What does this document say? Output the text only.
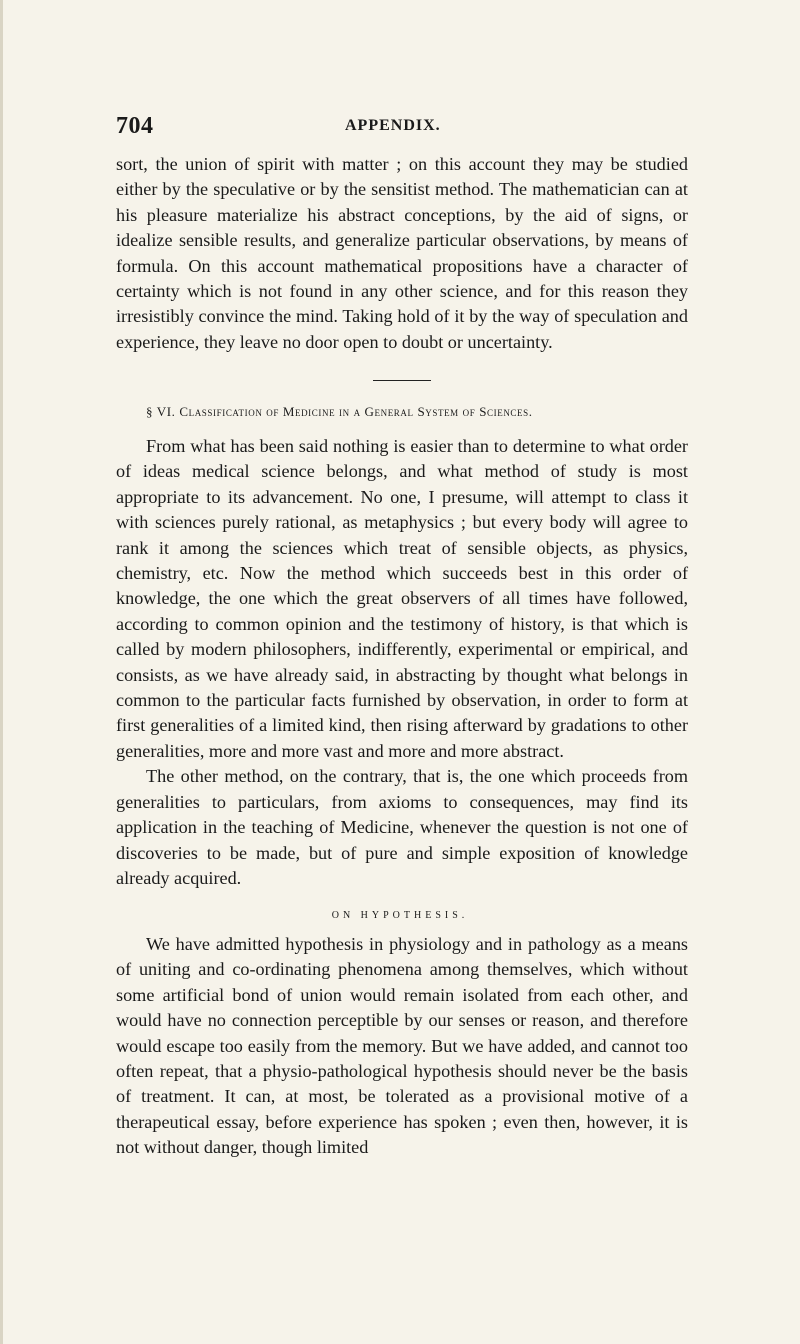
704	APPENDIX.

sort, the union of spirit with matter ; on this account they may be studied either by the speculative or by the sensitist method. The mathematician can at his pleasure materialize his abstract conceptions, by the aid of signs, or idealize sensible results, and generalize particular observations, by means of formula. On this account mathematical propositions have a character of certainty which is not found in any other science, and for this reason they irresistibly convince the mind. Taking hold of it by the way of speculation and experience, they leave no door open to doubt or uncertainty.

§ VI. Classification of Medicine in a General System of Sciences.

From what has been said nothing is easier than to determine to what order of ideas medical science belongs, and what method of study is most appropriate to its advancement. No one, I presume, will attempt to class it with sciences purely rational, as metaphysics ; but every body will agree to rank it among the sciences which treat of sensible objects, as physics, chemistry, etc. Now the method which succeeds best in this order of knowledge, the one which the great observers of all times have followed, according to common opinion and the testimony of history, is that which is called by modern philosophers, indifferently, experimental or empirical, and consists, as we have already said, in abstracting by thought what belongs in common to the particular facts furnished by observation, in order to form at first generalities of a limited kind, then rising afterward by gradations to other generalities, more and more vast and more and more abstract.

The other method, on the contrary, that is, the one which proceeds from generalities to particulars, from axioms to consequences, may find its application in the teaching of Medicine, whenever the question is not one of discoveries to be made, but of pure and simple exposition of knowledge already acquired.

ON HYPOTHESIS.

We have admitted hypothesis in physiology and in pathology as a means of uniting and co-ordinating phenomena among themselves, which without some artificial bond of union would remain isolated from each other, and would have no connection perceptible by our senses or reason, and therefore would escape too easily from the memory. But we have added, and cannot too often repeat, that a physio-pathological hypothesis should never be the basis of treatment. It can, at most, be tolerated as a provisional motive of a therapeutical essay, before experience has spoken ; even then, however, it is not without danger, though limited
